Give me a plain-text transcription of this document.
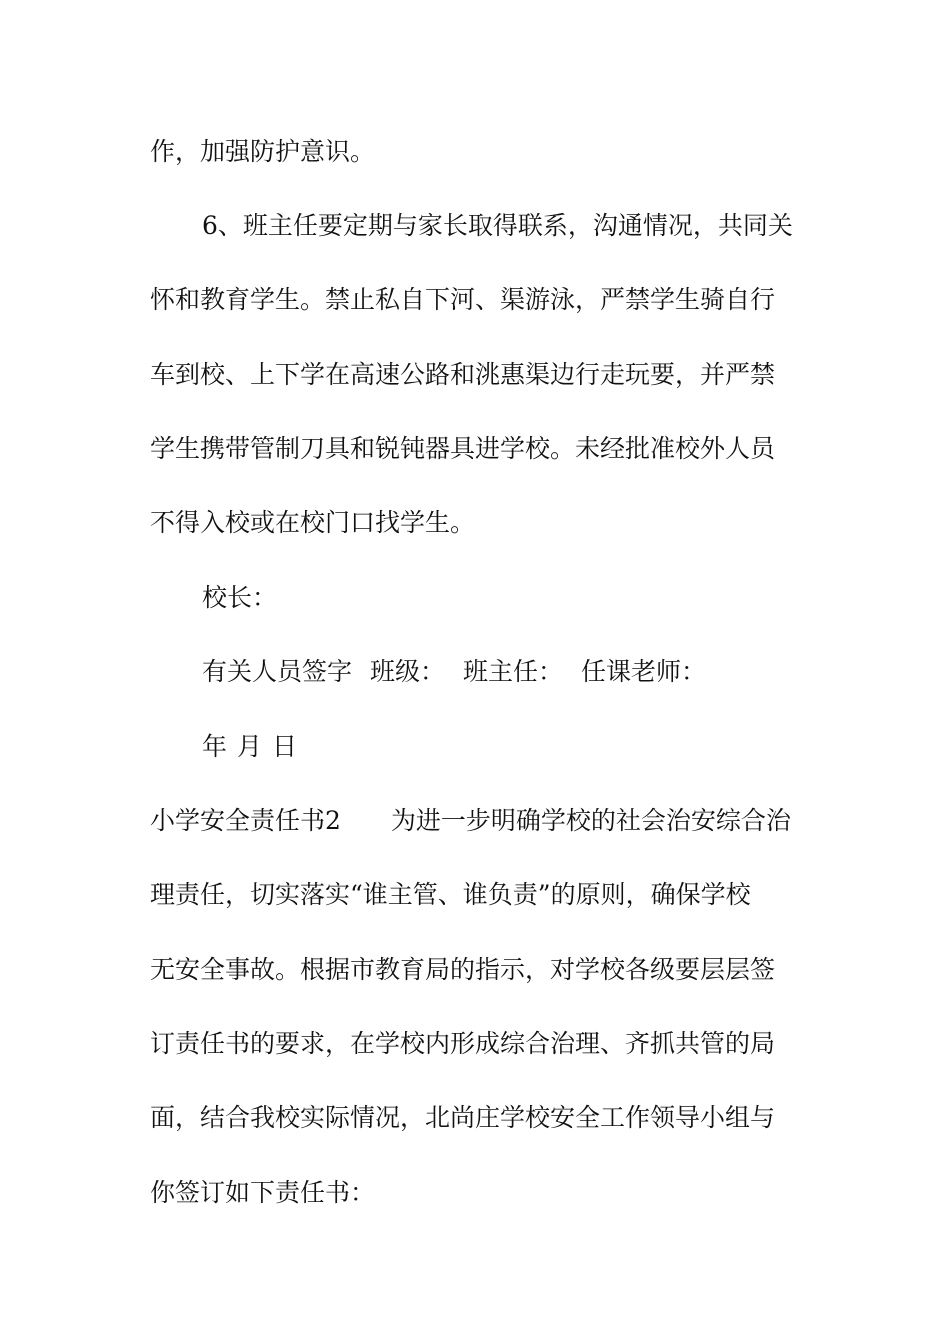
作，加强防护意识。
6、班主任要定期与家长取得联系，沟通情况，共同关
怀和教育学生。禁止私自下河、渠游泳，严禁学生骑自行
车到校、上下学在高速公路和洮惠渠边行走玩要，并严禁
学生携带管制刀具和锐钝器具进学校。未经批准校外人员
不得入校或在校门口找学生。
校长：
有关人员签字 班级： 班主任： 任课老师：
年 月 日
小学安全责任书2 为进一步明确学校的社会治安综合治
理责任，切实落实“谁主管、谁负责”的原则，确保学校
无安全事故。根据市教育局的指示，对学校各级要层层签
订责任书的要求，在学校内形成综合治理、齐抓共管的局
面，结合我校实际情况，北尚庄学校安全工作领导小组与
你签订如下责任书：
